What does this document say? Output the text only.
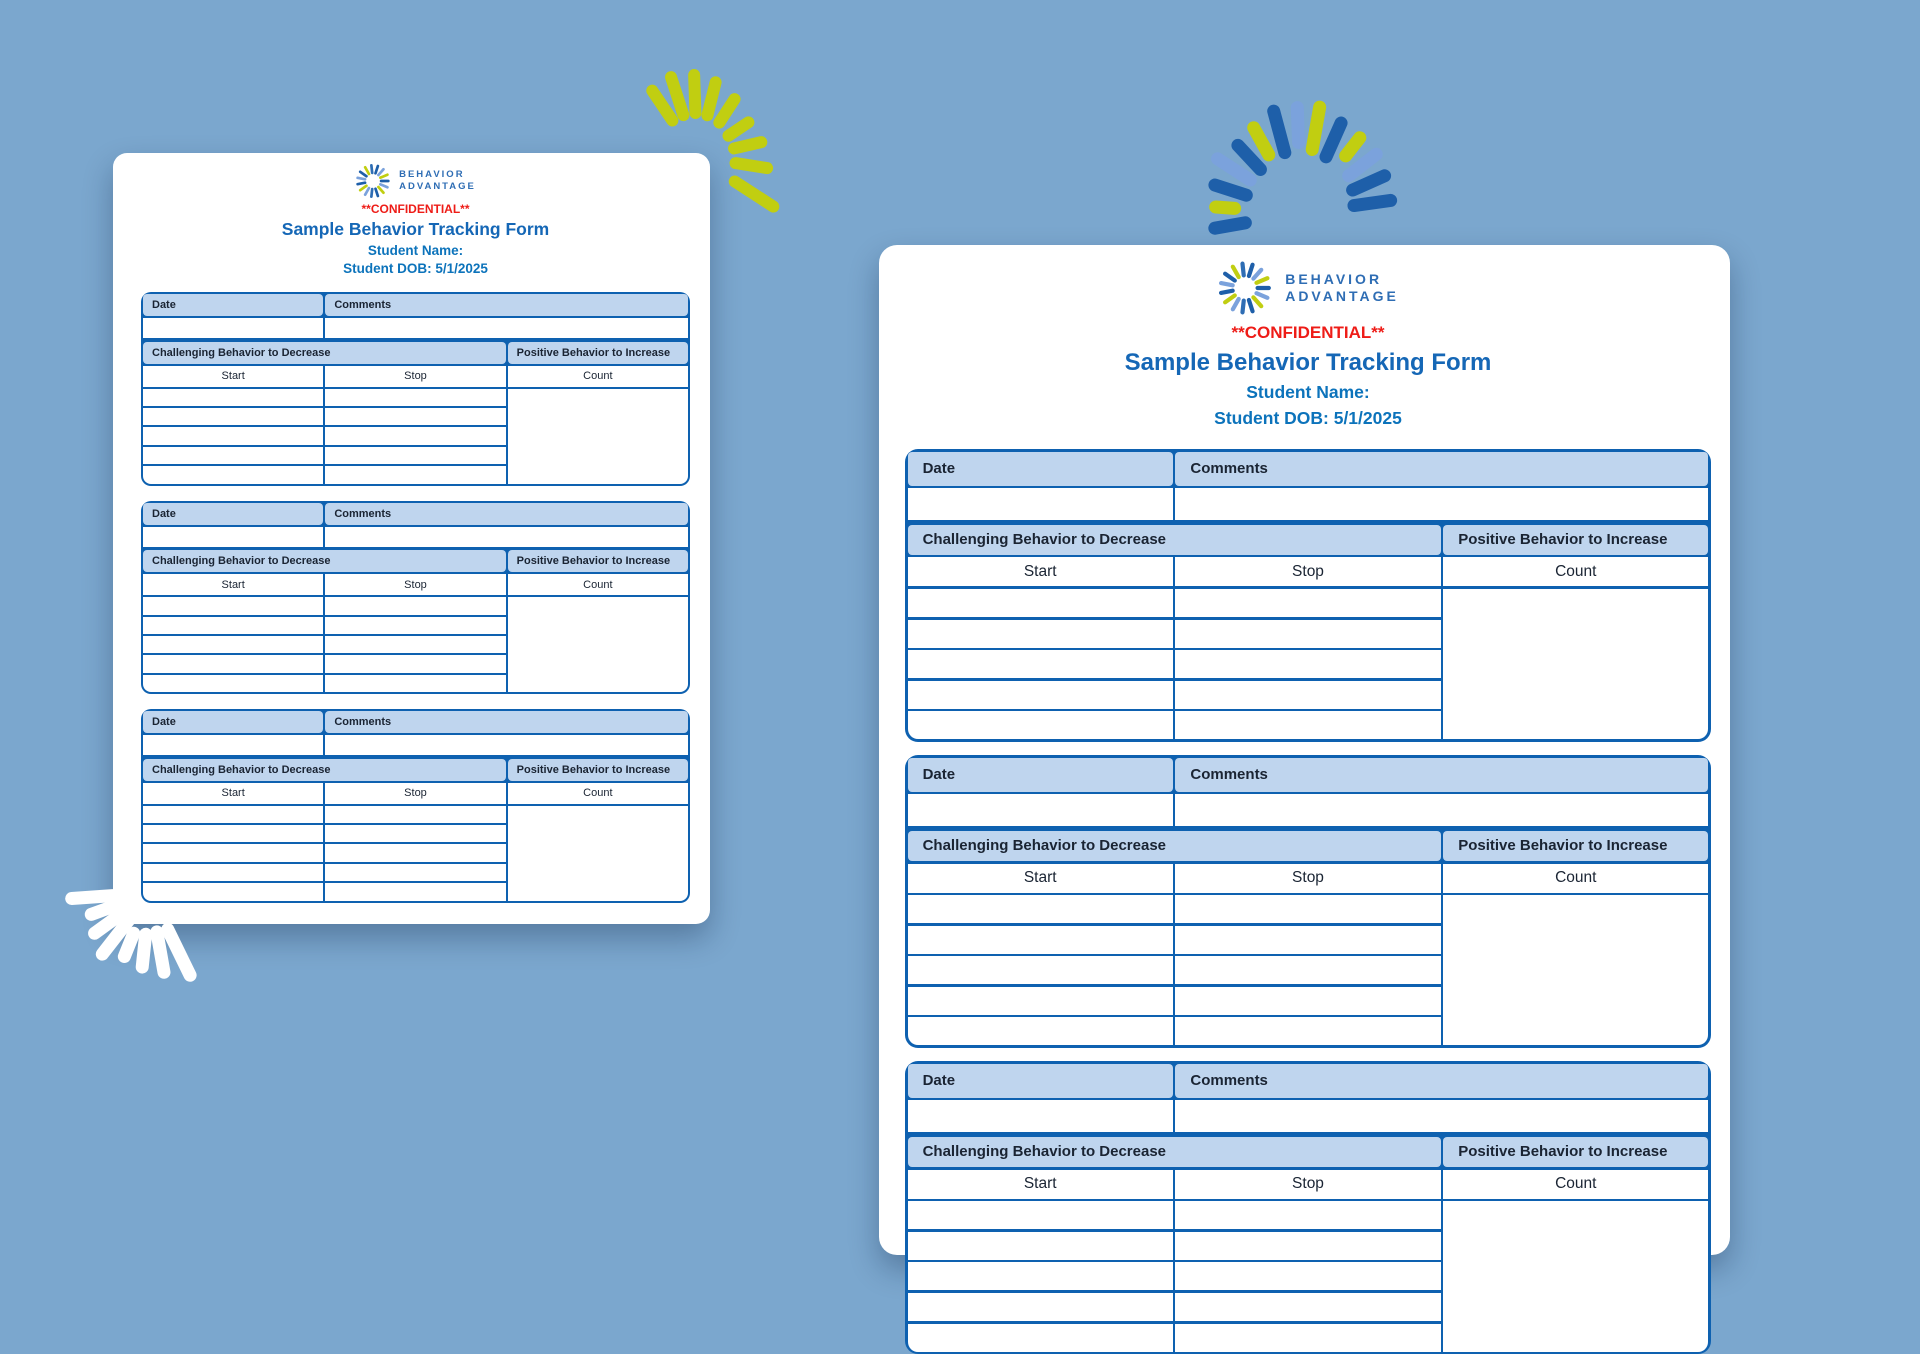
BEHAVIOR
ADVANTAGE
**CONFIDENTIAL**
Sample Behavior Tracking Form
Student Name:
Student DOB: 5/1/2025
Date	Comments
Challenging Behavior to Decrease	Positive Behavior to Increase
Start	Stop	Count
Date	Comments
Challenging Behavior to Decrease	Positive Behavior to Increase
Start	Stop	Count
Date	Comments
Challenging Behavior to Decrease	Positive Behavior to Increase
Start	Stop	Count
BEHAVIOR
ADVANTAGE
**CONFIDENTIAL**
Sample Behavior Tracking Form
Student Name:
Student DOB: 5/1/2025
Date	Comments
Challenging Behavior to Decrease	Positive Behavior to Increase
Start	Stop	Count
Date	Comments
Challenging Behavior to Decrease	Positive Behavior to Increase
Start	Stop	Count
Date	Comments
Challenging Behavior to Decrease	Positive Behavior to Increase
Start	Stop	Count
